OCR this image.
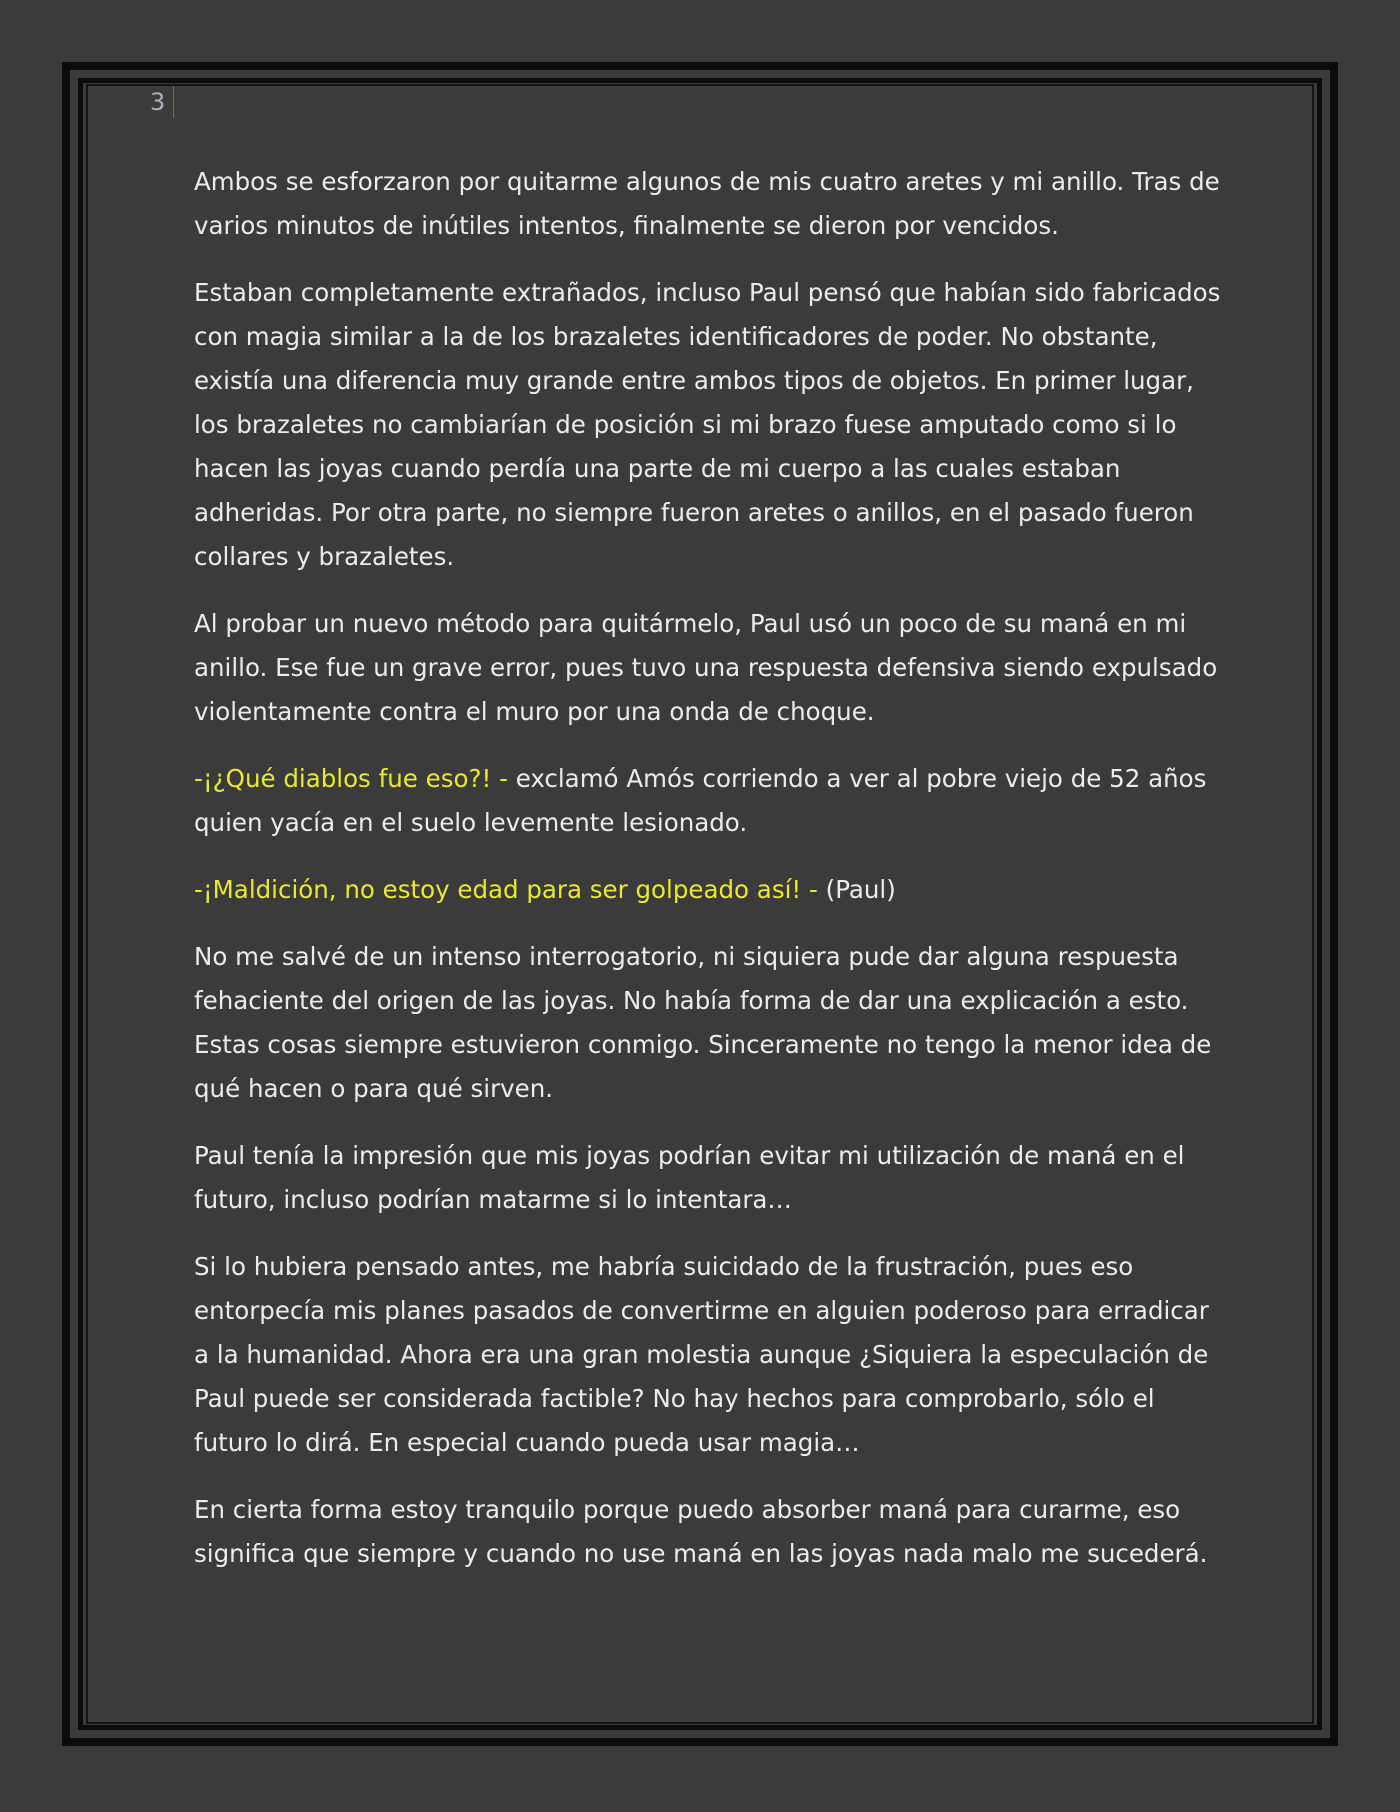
3

Ambos se esforzaron por quitarme algunos de mis cuatro aretes y mi anillo. Tras de varios minutos de inútiles intentos, finalmente se dieron por vencidos.

Estaban completamente extrañados, incluso Paul pensó que habían sido fabricados con magia similar a la de los brazaletes identificadores de poder. No obstante, existía una diferencia muy grande entre ambos tipos de objetos. En primer lugar, los brazaletes no cambiarían de posición si mi brazo fuese amputado como si lo hacen las joyas cuando perdía una parte de mi cuerpo a las cuales estaban adheridas. Por otra parte, no siempre fueron aretes o anillos, en el pasado fueron collares y brazaletes.

Al probar un nuevo método para quitármelo, Paul usó un poco de su maná en mi anillo. Ese fue un grave error, pues tuvo una respuesta defensiva siendo expulsado violentamente contra el muro por una onda de choque.

-¡¿Qué diablos fue eso?! - exclamó Amós corriendo a ver al pobre viejo de 52 años quien yacía en el suelo levemente lesionado.

-¡Maldición, no estoy edad para ser golpeado así! - (Paul)

No me salvé de un intenso interrogatorio, ni siquiera pude dar alguna respuesta fehaciente del origen de las joyas. No había forma de dar una explicación a esto. Estas cosas siempre estuvieron conmigo. Sinceramente no tengo la menor idea de qué hacen o para qué sirven.

Paul tenía la impresión que mis joyas podrían evitar mi utilización de maná en el futuro, incluso podrían matarme si lo intentara…

Si lo hubiera pensado antes, me habría suicidado de la frustración, pues eso entorpecía mis planes pasados de convertirme en alguien poderoso para erradicar a la humanidad. Ahora era una gran molestia aunque ¿Siquiera la especulación de Paul puede ser considerada factible? No hay hechos para comprobarlo, sólo el futuro lo dirá. En especial cuando pueda usar magia…

En cierta forma estoy tranquilo porque puedo absorber maná para curarme, eso significa que siempre y cuando no use maná en las joyas nada malo me sucederá.
